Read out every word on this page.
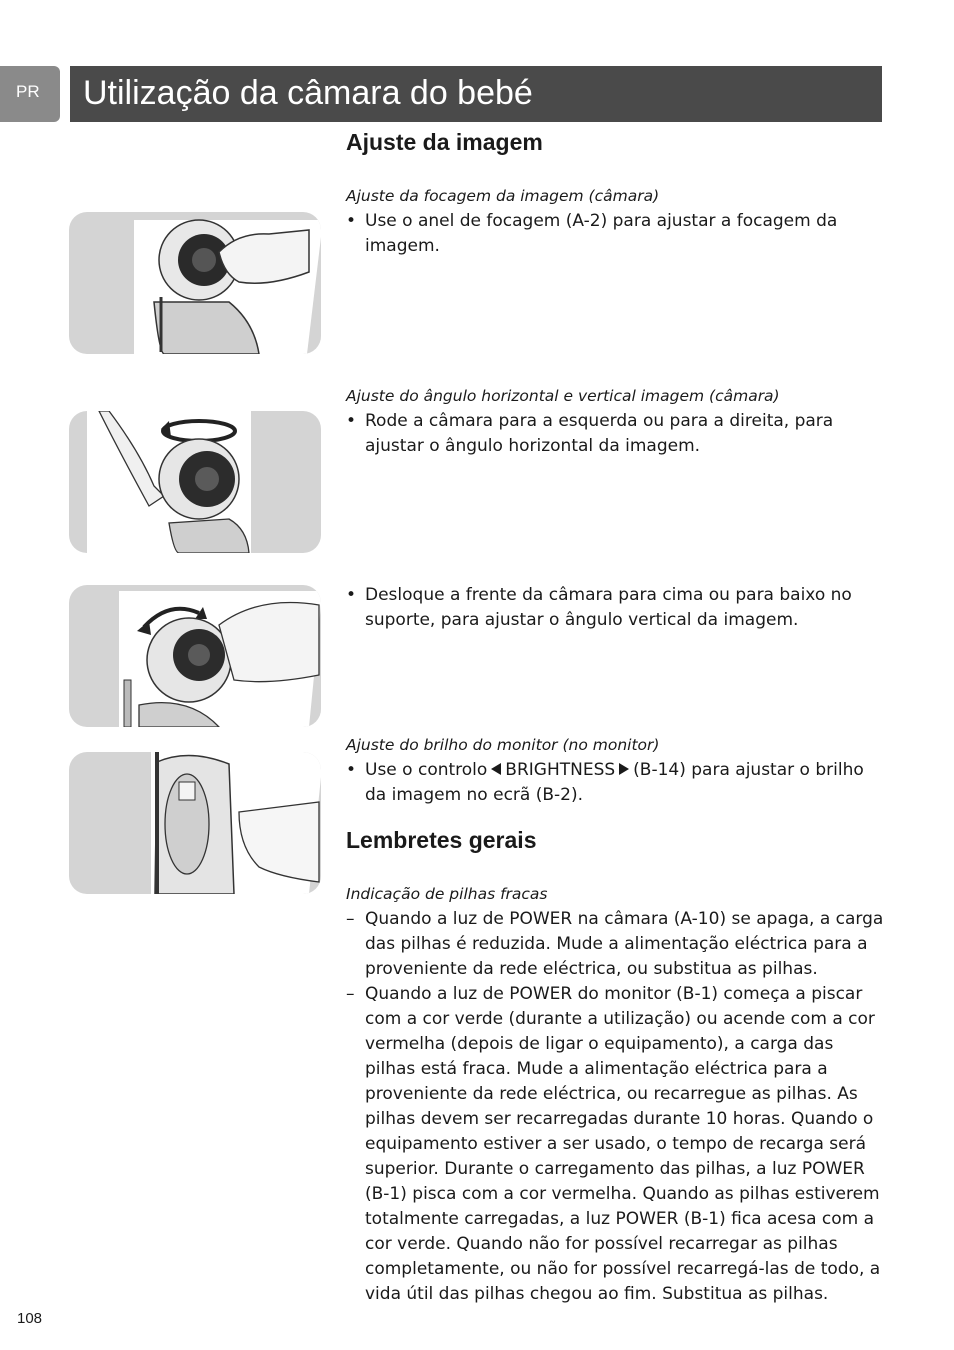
PR	Utilização da câmara do bebé
Ajuste da imagem
Ajuste da focagem da imagem (câmara)
• Use o anel de focagem (A-2) para ajustar a focagem da imagem.
Ajuste do ângulo horizontal e vertical imagem (câmara)
• Rode a câmara para a esquerda ou para a direita, para ajustar o ângulo horizontal da imagem.
• Desloque a frente da câmara para cima ou para baixo no suporte, para ajustar o ângulo vertical da imagem.
Ajuste do brilho do monitor (no monitor)
• Use o controlo BRIGHTNESS (B-14) para ajustar o brilho da imagem no ecrã (B-2).
Lembretes gerais
Indicação de pilhas fracas
– Quando a luz de POWER na câmara (A-10) se apaga, a carga das pilhas é reduzida. Mude a alimentação eléctrica para a proveniente da rede eléctrica, ou substitua as pilhas.
– Quando a luz de POWER do monitor (B-1) começa a piscar com a cor verde (durante a utilização) ou acende com a cor vermelha (depois de ligar o equipamento), a carga das pilhas está fraca. Mude a alimentação eléctrica para a proveniente da rede eléctrica, ou recarregue as pilhas. As pilhas devem ser recarregadas durante 10 horas. Quando o equipamento estiver a ser usado, o tempo de recarga será superior. Durante o carregamento das pilhas, a luz POWER (B-1) pisca com a cor vermelha. Quando as pilhas estiverem totalmente carregadas, a luz POWER (B-1) fica acesa com a cor verde. Quando não for possível recarregar as pilhas completamente, ou não for possível recarregá-las de todo, a vida útil das pilhas chegou ao fim. Substitua as pilhas.
108
